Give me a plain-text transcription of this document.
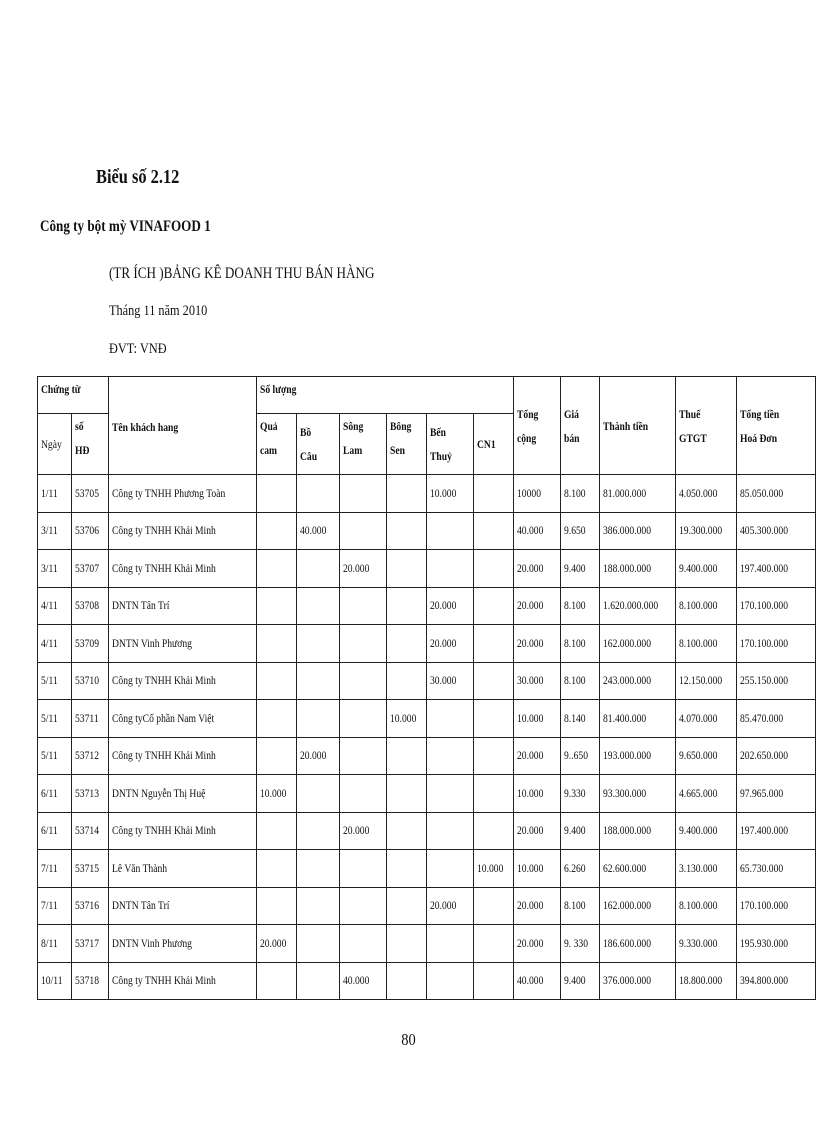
Biểu số 2.12
Công ty bột mỳ VINAFOOD 1
(TR ÍCH )BẢNG KÊ DOANH THU BÁN HÀNG
Tháng 11 năm 2010
ĐVT: VNĐ
Chứng từ		Tên khách hang	Số lượng						Tổng cộng	Giá bán	Thành tiền	Thuế GTGT	Tổng tiền Hoá Đơn
Ngày	số HĐ		Quả cam	Bồ Câu	Sông Lam	Bông Sen	Bến Thuỷ	CN1					
1/11	53705	Công ty TNHH Phương Toàn					10.000		10000	8.100	81.000.000	4.050.000	85.050.000
3/11	53706	Công ty TNHH Khải Minh		40.000					40.000	9.650	386.000.000	19.300.000	405.300.000
3/11	53707	Công ty TNHH Khải Minh			20.000				20.000	9.400	188.000.000	9.400.000	197.400.000
4/11	53708	DNTN Tân Trí					20.000		20.000	8.100	1.620.000.000	8.100.000	170.100.000
4/11	53709	DNTN Vinh Phương					20.000		20.000	8.100	162.000.000	8.100.000	170.100.000
5/11	53710	Công ty TNHH Khải Minh					30.000		30.000	8.100	243.000.000	12.150.000	255.150.000
5/11	53711	Công tyCổ phần Nam Việt				10.000			10.000	8.140	81.400.000	4.070.000	85.470.000
5/11	53712	Công ty TNHH Khải Minh		20.000					20.000	9..650	193.000.000	9.650.000	202.650.000
6/11	53713	DNTN Nguyễn Thị Huệ	10.000						10.000	9.330	93.300.000	4.665.000	97.965.000
6/11	53714	Công ty TNHH Khải Minh			20.000				20.000	9.400	188.000.000	9.400.000	197.400.000
7/11	53715	Lê Văn Thành						10.000	10.000	6.260	62.600.000	3.130.000	65.730.000
7/11	53716	DNTN Tân Trí					20.000		20.000	8.100	162.000.000	8.100.000	170.100.000
8/11	53717	DNTN Vinh Phương	20.000						20.000	9. 330	186.600.000	9.330.000	195.930.000
10/11	53718	Công ty TNHH Khải Minh			40.000				40.000	9.400	376.000.000	18.800.000	394.800.000
80
